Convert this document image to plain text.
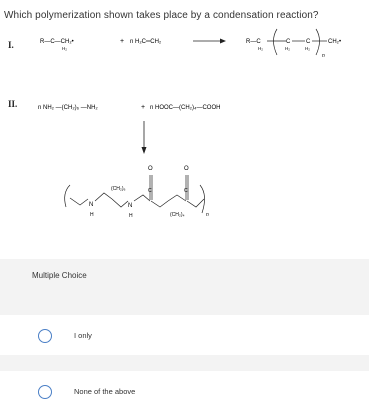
Which polymerization shown takes place by a condensation reaction?
I.	R—C—CH₂•
H₂
+ n H₂C═CH₂	R—C
H₂
C
H₂
C
H₂
n
CH₂•
II.	n NH₂ —(CH₂)₆ —NH₂	+ n HOOC—(CH₂)₄—COOH
N
H
(CH₂)₆
N
H
O
C
(CH₂)₄
O
C
n
Multiple Choice
I only
None of the above
